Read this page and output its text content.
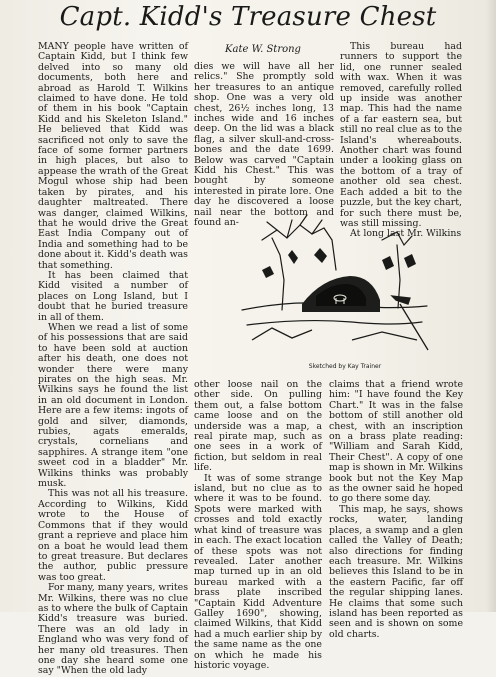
Capt. Kidd's Treasure Chest
Kate W. Strong

MANY people have written of Captain Kidd, but I think few delved into so many old documents, both here and abroad as Harold T. Wilkins claimed to have done. He told of them in his book "Captain Kidd and his Skeleton Island." He believed that Kidd was sacrificed not only to save the face of some former partners in high places, but also to appease the wrath of the Great Mogul whose ship had been taken by pirates, and his daughter maltreated. There was danger, claimed Wilkins, that he would drive the Great East India Company out of India and something had to be done about it. Kidd's death was that something.

It has been claimed that Kidd visited a number of places on Long Island, but I doubt that he buried treasure in all of them.

When we read a list of some of his possessions that are said to have been sold at auction after his death, one does not wonder there were many pirates on the high seas. Mr. Wilkins says he found the list in an old document in London. Here are a few items: ingots of gold and silver, diamonds, rubies, agats emeralds, crystals, cornelians and sapphires. A strange item "one sweet cod in a bladder" Mr. Wilkins thinks was probably musk.

This was not all his treasure. According to Wilkins, Kidd wrote to the House of Commons that if they would grant a reprieve and place him on a boat he would lead them to great treasure. But declares the author, public pressure was too great.

For many, many years, writes Mr. Wilkins, there was no clue as to where the bulk of Captain Kidd's treasure was buried. There was an old lady in England who was very fond of her many old treasures. Then one day she heard some one say "When the old lady

dies we will have all her relics." She promptly sold her treasures to an antique shop. One was a very old chest, 26½ inches long, 13 inches wide and 16 inches deep. On the lid was a black flag, a silver skull-and-cross-bones and the date 1699. Below was carved "Captain Kidd his Chest." This was bought by someone interested in pirate lore. One day he discovered a loose nail near the bottom and found an-

This bureau had runners to support the lid, one runner sealed with wax. When it was removed, carefully rolled up inside was another map. This had the name of a far eastern sea, but still no real clue as to the Island's whereabouts. Another chart was found under a looking glass on the bottom of a tray of another old sea chest. Each added a bit to the puzzle, but the key chart, for such there must be, was still missing.

At long last Mr. Wilkins

Sketched by Kay Trainer

other loose nail on the other side. On pulling them out, a false bottom came loose and on the underside was a map, a real pirate map, such as one sees in a work of fiction, but seldom in real life.

It was of some strange island, but no clue as to where it was to be found. Spots were marked with crosses and told exactly what kind of treasure was in each. The exact location of these spots was not revealed. Later another map turned up in an old bureau marked with a brass plate inscribed "Captain Kidd Adventure Galley 1690", showing, claimed Wilkins, that Kidd had a much earlier ship by the same name as the one on which he made his historic voyage.

claims that a friend wrote him: "I have found the Key Chart." It was in the false bottom of still another old chest, with an inscription on a brass plate reading: "William and Sarah Kidd, Their Chest". A copy of one map is shown in Mr. Wilkins book but not the Key Map as the owner said he hoped to go there some day.

This map, he says, shows rocks, water, landing places, a swamp and a glen called the Valley of Death; also directions for finding each treasure. Mr. Wilkins believes this Island to be in the eastern Pacific, far off the regular shipping lanes. He claims that some such island has been reported as seen and is shown on some old charts.
